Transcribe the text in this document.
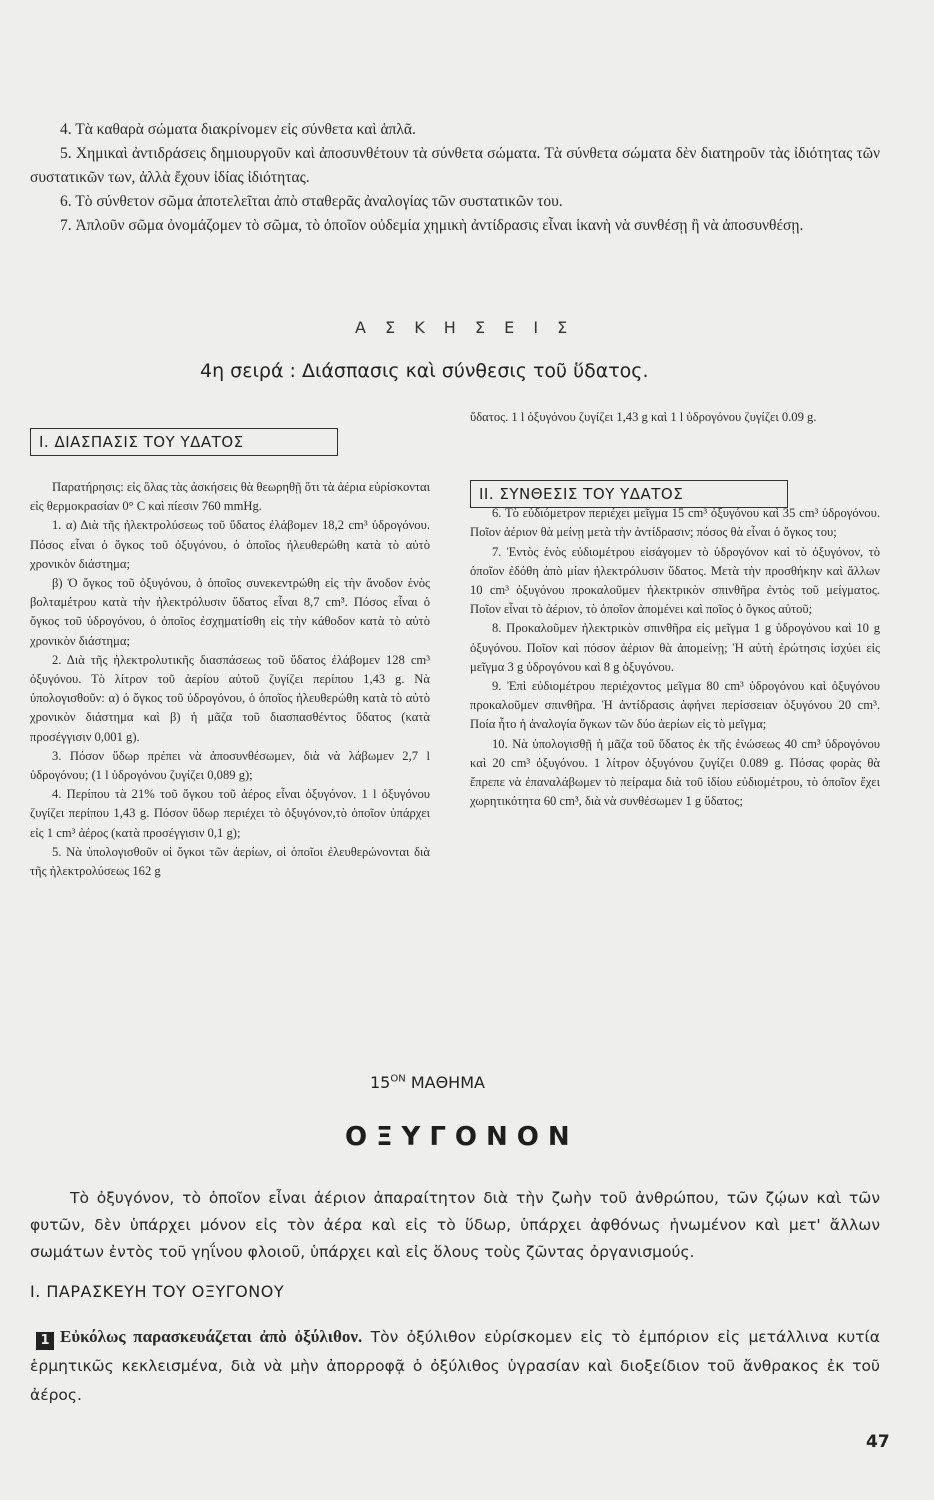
4. Τὰ καθαρὰ σώματα διακρίνομεν εἰς σύνθετα καὶ ἁπλᾶ.

5. Χημικαὶ ἀντιδράσεις δημιουργοῦν καὶ ἀποσυνθέτουν τὰ σύνθετα σώματα. Τὰ σύνθετα σώματα δὲν διατηροῦν τὰς ἰδιότητας τῶν συστατικῶν των, ἀλλὰ ἔχουν ἰδίας ἰδιότητας.

6. Τὸ σύνθετον σῶμα ἀποτελεῖται ἀπὸ σταθερᾶς ἀναλογίας τῶν συστατικῶν του.

7. Ἁπλοῦν σῶμα ὀνομάζομεν τὸ σῶμα, τὸ ὁποῖον οὐδεμία χημικὴ ἀντίδρασις εἶναι ἱκανὴ νὰ συνθέσῃ ἢ νὰ ἀποσυνθέσῃ.

Α Σ Κ Η Σ Ε Ι Σ
4η σειρά : Διάσπασις καὶ σύνθεσις τοῦ ὕδατος.
I. ΔΙΑΣΠΑΣΙΣ ΤΟΥ ΥΔΑΤΟΣ

Παρατήρησις: εἰς ὅλας τὰς ἀσκήσεις θὰ θεωρηθῇ ὅτι τὰ ἀέρια εὑρίσκονται εἰς θερμοκρασίαν 0° C καὶ πίεσιν 760 mmHg.

1. α) Διὰ τῆς ἠλεκτρολύσεως τοῦ ὕδατος ἐλάβομεν 18,2 cm³ ὑδρογόνου. Πόσος εἶναι ὁ ὄγκος τοῦ ὀξυγόνου, ὁ ὁποῖος ἠλευθερώθη κατὰ τὸ αὐτὸ χρονικὸν διάστημα;

β) Ὁ ὄγκος τοῦ ὀξυγόνου, ὁ ὁποῖος συνεκεντρώθη εἰς τὴν ἄνοδον ἑνὸς βολταμέτρου κατὰ τὴν ἠλεκτρόλυσιν ὕδατος εἶναι 8,7 cm³. Πόσος εἶναι ὁ ὄγκος τοῦ ὑδρογόνου, ὁ ὁποῖος ἐσχηματίσθη εἰς τὴν κάθοδον κατὰ τὸ αὐτὸ χρονικὸν διάστημα;

2. Διὰ τῆς ἠλεκτρολυτικῆς διασπάσεως τοῦ ὕδατος ἐλάβομεν 128 cm³ ὀξυγόνου. Τὸ λίτρον τοῦ ἀερίου αὐτοῦ ζυγίζει περίπου 1,43 g. Νὰ ὑπολογισθοῦν: α) ὁ ὄγκος τοῦ ὑδρογόνου, ὁ ὁποῖος ἠλευθερώθη κατὰ τὸ αὐτὸ χρονικὸν διάστημα καὶ β) ἡ μᾶζα τοῦ διασπασθέντος ὕδατος (κατὰ προσέγγισιν 0,001 g).

3. Πόσον ὕδωρ πρέπει νὰ ἀποσυνθέσωμεν, διὰ νὰ λάβωμεν 2,7 l ὑδρογόνου; (1 l ὑδρογόνου ζυγίζει 0,089 g);

4. Περίπου τὰ 21% τοῦ ὄγκου τοῦ ἀέρος εἶναι ὀξυγόνον. 1 l ὀξυγόνου ζυγίζει περίπου 1,43 g. Πόσον ὕδωρ περιέχει τὸ ὀξυγόνον,τὸ ὁποῖον ὑπάρχει εἰς 1 cm³ ἀέρος (κατὰ προσέγγισιν 0,1 g);

5. Νὰ ὑπολογισθοῦν οἱ ὄγκοι τῶν ἀερίων, οἱ ὁποῖοι ἐλευθερώνονται διὰ τῆς ἠλεκτρολύσεως 162 g

ὕδατος. 1 l ὀξυγόνου ζυγίζει 1,43 g καὶ 1 l ὑδρογόνου ζυγίζει 0.09 g.

6. Τὸ εὐδιόμετρον περιέχει μεῖγμα 15 cm³ ὀξυγόνου καὶ 35 cm³ ὑδρογόνου. Ποῖον ἀέριον θὰ μείνῃ μετὰ τὴν ἀντίδρασιν; πόσος θὰ εἶναι ὁ ὄγκος του;

7. Ἐντὸς ἑνὸς εὐδιομέτρου εἰσάγομεν τὸ ὑδρογόνον καὶ τὸ ὀξυγόνον, τὸ ὁποῖον ἐδόθη ἀπὸ μίαν ἠλεκτρόλυσιν ὕδατος. Μετὰ τὴν προσθήκην καὶ ἄλλων 10 cm³ ὀξυγόνου προκαλοῦμεν ἠλεκτρικὸν σπινθῆρα ἐντὸς τοῦ μείγματος. Ποῖον εἶναι τὸ ἀέριον, τὸ ὁποῖον ἀπομένει καὶ ποῖος ὁ ὄγκος αὐτοῦ;

8. Προκαλοῦμεν ἠλεκτρικὸν σπινθῆρα εἰς μεῖγμα 1 g ὑδρογόνου καὶ 10 g ὀξυγόνου. Ποῖον καὶ πόσον ἀέριον θὰ ἀπομείνῃ; Ἡ αὐτὴ ἐρώτησις ἰσχύει εἰς μεῖγμα 3 g ὑδρογόνου καὶ 8 g ὀξυγόνου.

9. Ἐπὶ εὐδιομέτρου περιέχοντος μεῖγμα 80 cm³ ὑδρογόνου καὶ ὀξυγόνου προκαλοῦμεν σπινθῆρα. Ἡ ἀντίδρασις ἀφήνει περίσσειαν ὀξυγόνου 20 cm³. Ποία ἦτο ἡ ἀναλογία ὄγκων τῶν δύο ἀερίων εἰς τὸ μεῖγμα;

10. Νὰ ὑπολογισθῇ ἡ μᾶζα τοῦ ὕδατος ἐκ τῆς ἑνώσεως 40 cm³ ὑδρογόνου καὶ 20 cm³ ὀξυγόνου. 1 λίτρον ὀξυγόνου ζυγίζει 0.089 g. Πόσας φορὰς θὰ ἔπρεπε νὰ ἐπαναλάβωμεν τὸ πείραμα διὰ τοῦ ἰδίου εὐδιομέτρου, τὸ ὁποῖον ἔχει χωρητικότητα 60 cm³, διὰ νὰ συνθέσωμεν 1 g ὕδατος;

II. ΣΥΝΘΕΣΙΣ ΤΟΥ ΥΔΑΤΟΣ
$15^{ON}$ ΜΑΘΗΜΑ
ΟΞΥΓΟΝΟΝ

Τὸ ὀξυγόνον, τὸ ὁποῖον εἶναι ἀέριον ἀπαραίτητον διὰ τὴν ζωὴν τοῦ ἀνθρώπου, τῶν ζῴων καὶ τῶν φυτῶν, δὲν ὑπάρχει μόνον εἰς τὸν ἀέρα καὶ εἰς τὸ ὕδωρ, ὑπάρχει ἀφθόνως ἡνωμένον καὶ μετ' ἄλλων σωμάτων ἐντὸς τοῦ γηΐνου φλοιοῦ, ὑπάρχει καὶ εἰς ὅλους τοὺς ζῶντας ὀργανισμούς.

I. ΠΑΡΑΣΚΕΥΗ ΤΟΥ ΟΞΥΓΟΝΟΥ

1 Εὐκόλως παρασκευάζεται ἀπὸ ὀξύλιθον. Τὸν ὀξύλιθον εὑρίσκομεν εἰς τὸ ἐμπόριον εἰς μετάλλινα κυτία ἑρμητικῶς κεκλεισμένα, διὰ νὰ μὴν ἀπορροφᾷ ὁ ὀξύλιθος ὑγρασίαν καὶ διοξείδιον τοῦ ἄνθρακος ἐκ τοῦ ἀέρος.

47
